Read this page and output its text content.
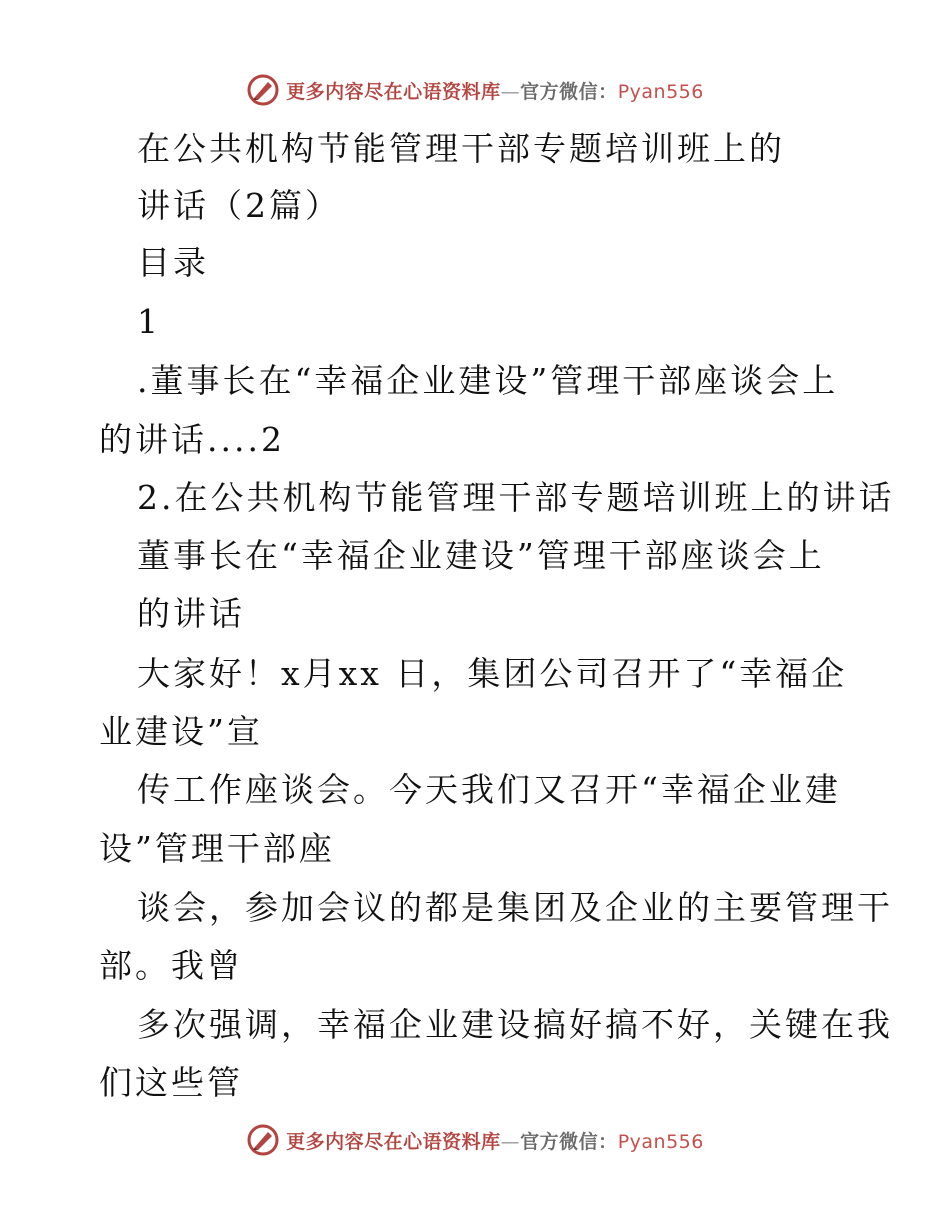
更多内容尽在心语资料库—官方微信：Pyan556
在公共机构节能管理干部专题培训班上的
讲话（2篇）
目录
1
.董事长在“幸福企业建设”管理干部座谈会上
的讲话....2
2.在公共机构节能管理干部专题培训班上的讲话
董事长在“幸福企业建设”管理干部座谈会上
的讲话
大家好！x月xx 日，集团公司召开了“幸福企
业建设”宣
传工作座谈会。今天我们又召开“幸福企业建
设”管理干部座
谈会，参加会议的都是集团及企业的主要管理干
部。我曾
多次强调，幸福企业建设搞好搞不好，关键在我
们这些管
更多内容尽在心语资料库—官方微信：Pyan556
